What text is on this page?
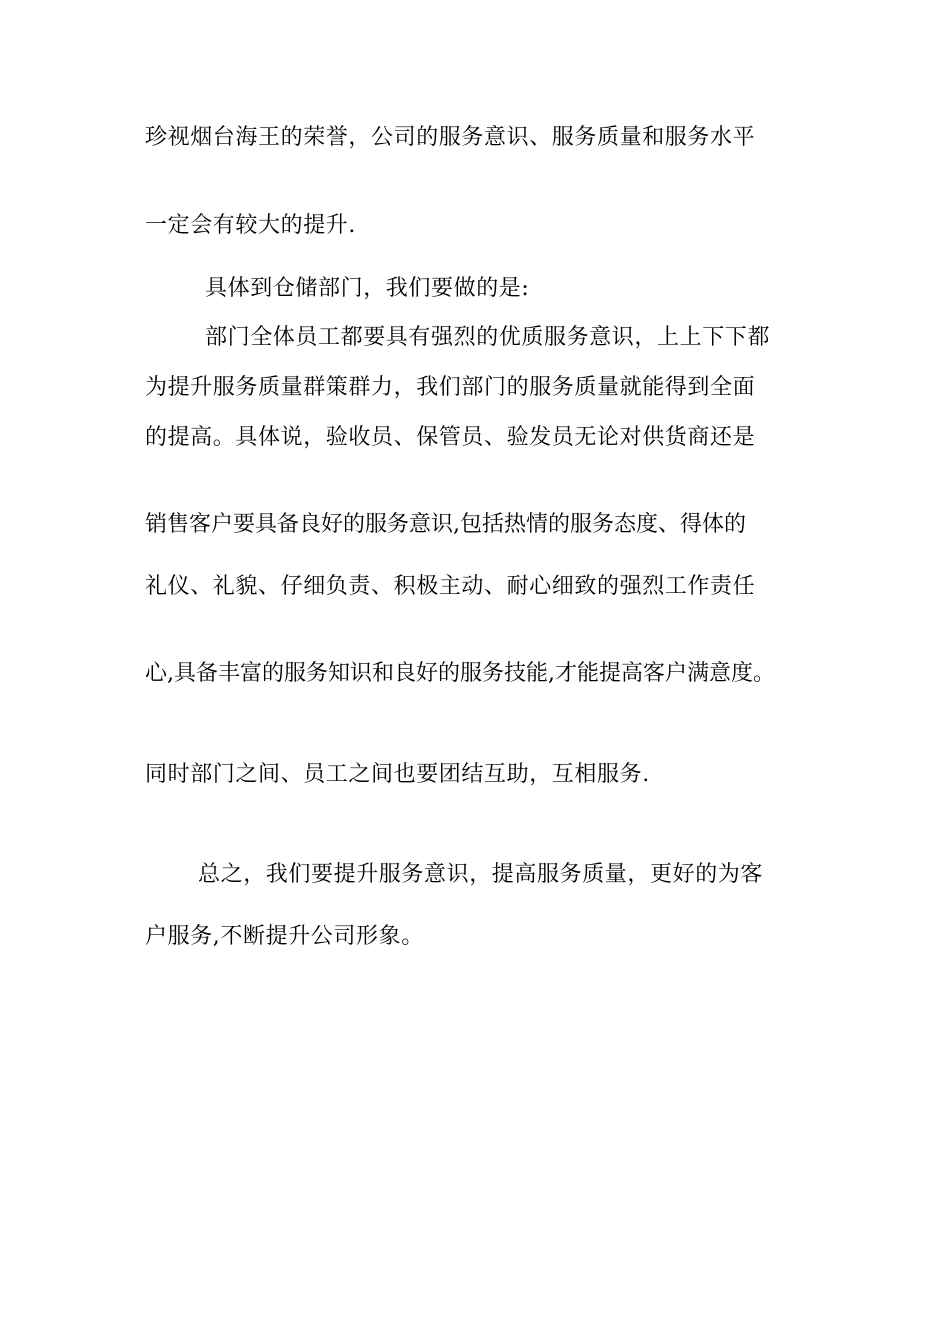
珍视烟台海王的荣誉，公司的服务意识、服务质量和服务水平
一定会有较大的提升.
具体到仓储部门，我们要做的是:
部门全体员工都要具有强烈的优质服务意识，上上下下都
为提升服务质量群策群力，我们部门的服务质量就能得到全面
的提高。具体说，验收员、保管员、验发员无论对供货商还是
销售客户要具备良好的服务意识,包括热情的服务态度、得体的
礼仪、礼貌、仔细负责、积极主动、耐心细致的强烈工作责任
心,具备丰富的服务知识和良好的服务技能,才能提高客户满意度。
同时部门之间、员工之间也要团结互助，互相服务.
总之，我们要提升服务意识，提高服务质量，更好的为客
户服务,不断提升公司形象。
